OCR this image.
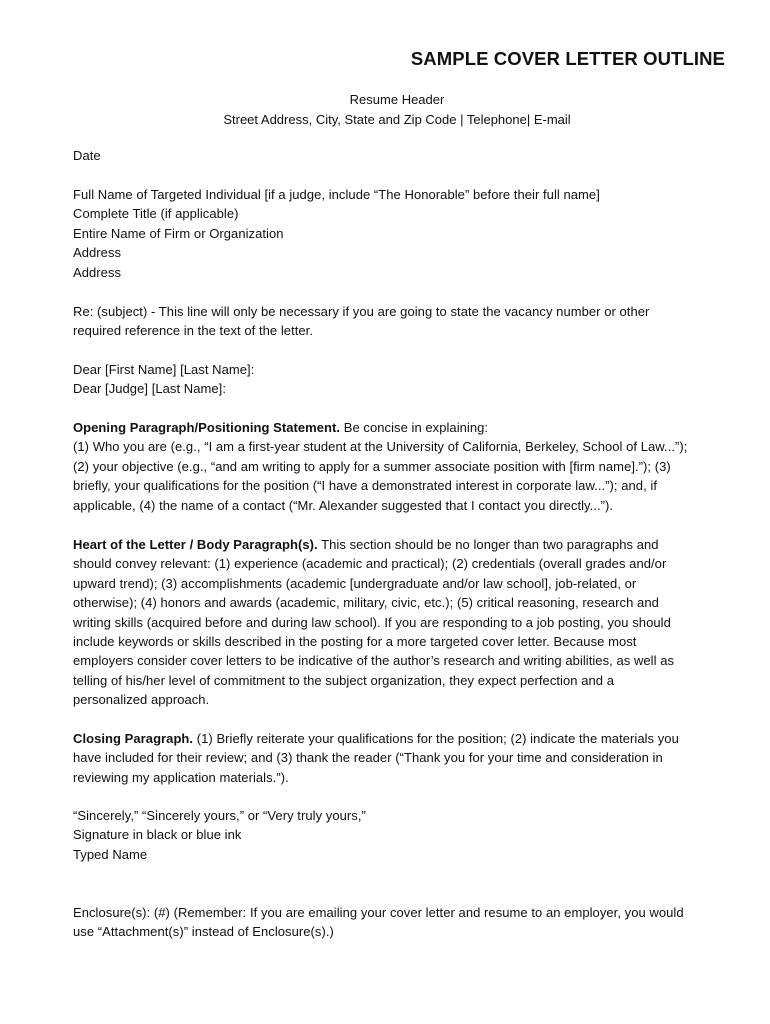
SAMPLE COVER LETTER OUTLINE
Resume Header
Street Address, City, State and Zip Code | Telephone| E-mail
Date
Full Name of Targeted Individual [if a judge, include “The Honorable” before their full name]
Complete Title (if applicable)
Entire Name of Firm or Organization
Address
Address
Re: (subject) - This line will only be necessary if you are going to state the vacancy number or other
required reference in the text of the letter.
Dear [First Name] [Last Name]:
Dear [Judge] [Last Name]:
Opening Paragraph/Positioning Statement. Be concise in explaining:
(1) Who you are (e.g., “I am a first-year student at the University of California, Berkeley, School of Law...”);
(2) your objective (e.g., “and am writing to apply for a summer associate position with [firm name].”); (3)
briefly, your qualifications for the position (“I have a demonstrated interest in corporate law...”); and, if
applicable, (4) the name of a contact (“Mr. Alexander suggested that I contact you directly...”).
Heart of the Letter / Body Paragraph(s). This section should be no longer than two paragraphs and
should convey relevant: (1) experience (academic and practical); (2) credentials (overall grades and/or
upward trend); (3) accomplishments (academic [undergraduate and/or law school], job-related, or
otherwise); (4) honors and awards (academic, military, civic, etc.); (5) critical reasoning, research and
writing skills (acquired before and during law school). If you are responding to a job posting, you should
include keywords or skills described in the posting for a more targeted cover letter. Because most
employers consider cover letters to be indicative of the author’s research and writing abilities, as well as
telling of his/her level of commitment to the subject organization, they expect perfection and a
personalized approach.
Closing Paragraph. (1) Briefly reiterate your qualifications for the position; (2) indicate the materials you
have included for their review; and (3) thank the reader (“Thank you for your time and consideration in
reviewing my application materials.”).
“Sincerely,” “Sincerely yours,” or “Very truly yours,”
Signature in black or blue ink
Typed Name
Enclosure(s): (#) (Remember: If you are emailing your cover letter and resume to an employer, you would
use “Attachment(s)” instead of Enclosure(s).)
